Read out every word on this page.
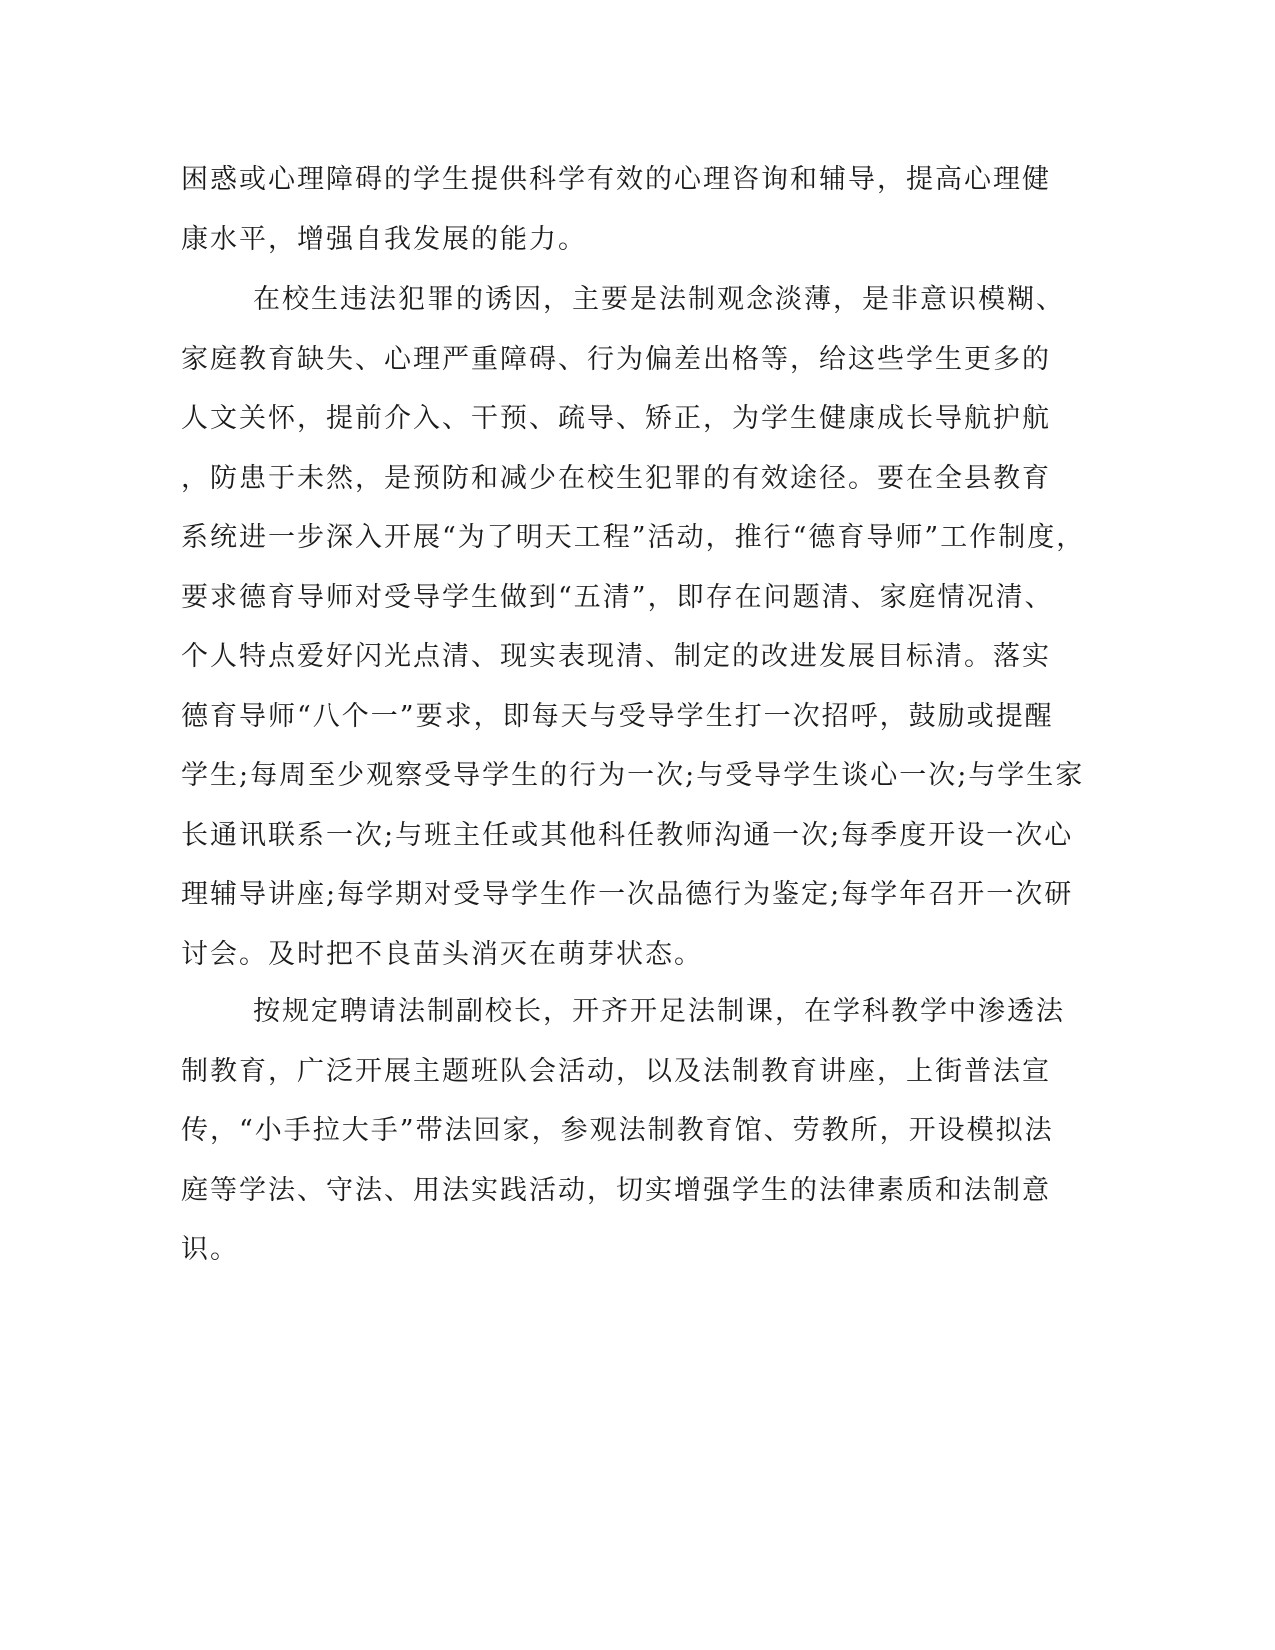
困惑或心理障碍的学生提供科学有效的心理咨询和辅导，提高心理健
康水平，增强自我发展的能力。
在校生违法犯罪的诱因，主要是法制观念淡薄，是非意识模糊、
家庭教育缺失、心理严重障碍、行为偏差出格等，给这些学生更多的
人文关怀，提前介入、干预、疏导、矫正，为学生健康成长导航护航
，防患于未然，是预防和减少在校生犯罪的有效途径。要在全县教育
系统进一步深入开展“为了明天工程”活动，推行“德育导师”工作制度，
要求德育导师对受导学生做到“五清”，即存在问题清、家庭情况清、
个人特点爱好闪光点清、现实表现清、制定的改进发展目标清。落实
德育导师“八个一”要求，即每天与受导学生打一次招呼，鼓励或提醒
学生;每周至少观察受导学生的行为一次;与受导学生谈心一次;与学生家
长通讯联系一次;与班主任或其他科任教师沟通一次;每季度开设一次心
理辅导讲座;每学期对受导学生作一次品德行为鉴定;每学年召开一次研
讨会。及时把不良苗头消灭在萌芽状态。
按规定聘请法制副校长，开齐开足法制课，在学科教学中渗透法
制教育，广泛开展主题班队会活动，以及法制教育讲座，上街普法宣
传，“小手拉大手”带法回家，参观法制教育馆、劳教所，开设模拟法
庭等学法、守法、用法实践活动，切实增强学生的法律素质和法制意
识。
